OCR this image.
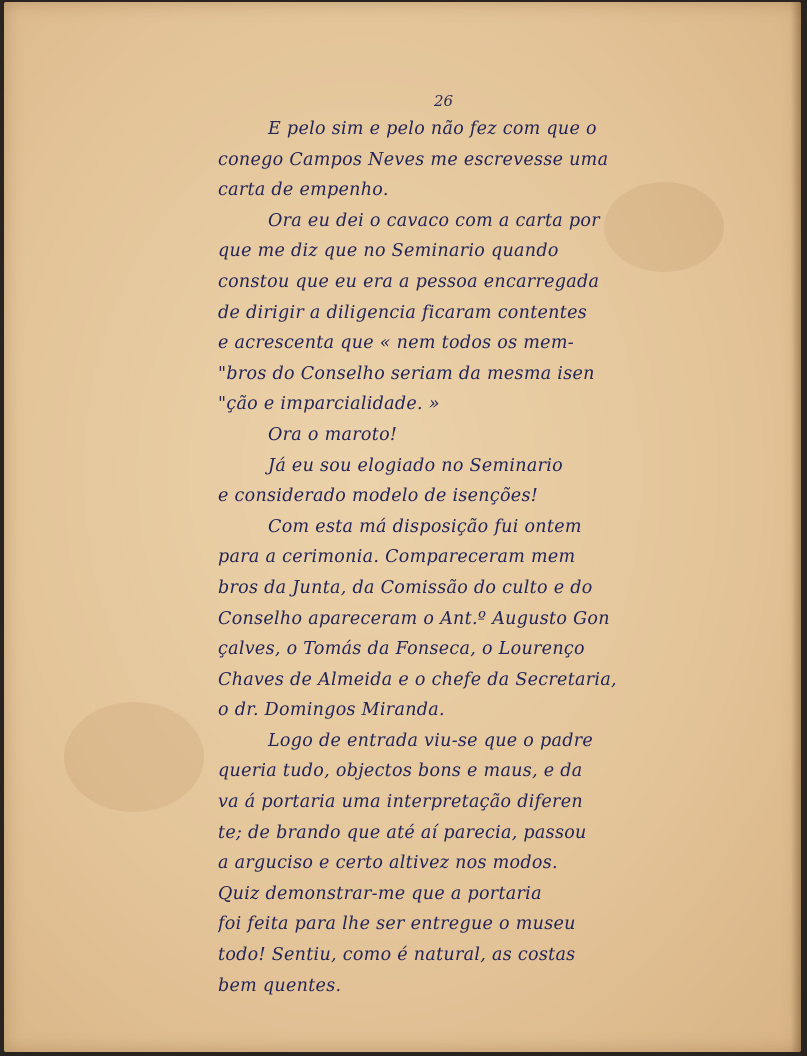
26
E pelo sim e pelo não fez com que o
conego Campos Neves me escrevesse uma
carta de empenho.
Ora eu dei o cavaco com a carta por
que me diz que no Seminario quando
constou que eu era a pessoa encarregada
de dirigir a diligencia ficaram contentes
e acrescenta que « nem todos os mem-
"bros do Conselho seriam da mesma isen
"ção e imparcialidade. »
Ora o maroto!
Já eu sou elogiado no Seminario
e considerado modelo de isenções!
Com esta má disposição fui ontem
para a cerimonia. Compareceram mem
bros da Junta, da Comissão do culto e do
Conselho apareceram o Ant.º Augusto Gon
çalves, o Tomás da Fonseca, o Lourenço
Chaves de Almeida e o chefe da Secretaria,
o dr. Domingos Miranda.
Logo de entrada viu-se que o padre
queria tudo, objectos bons e maus, e da
va á portaria uma interpretação diferen
te; de brando que até aí parecia, passou
a arguciso e certo altivez nos modos.
Quiz demonstrar-me que a portaria
foi feita para lhe ser entregue o museu
todo! Sentiu, como é natural, as costas
bem quentes.
